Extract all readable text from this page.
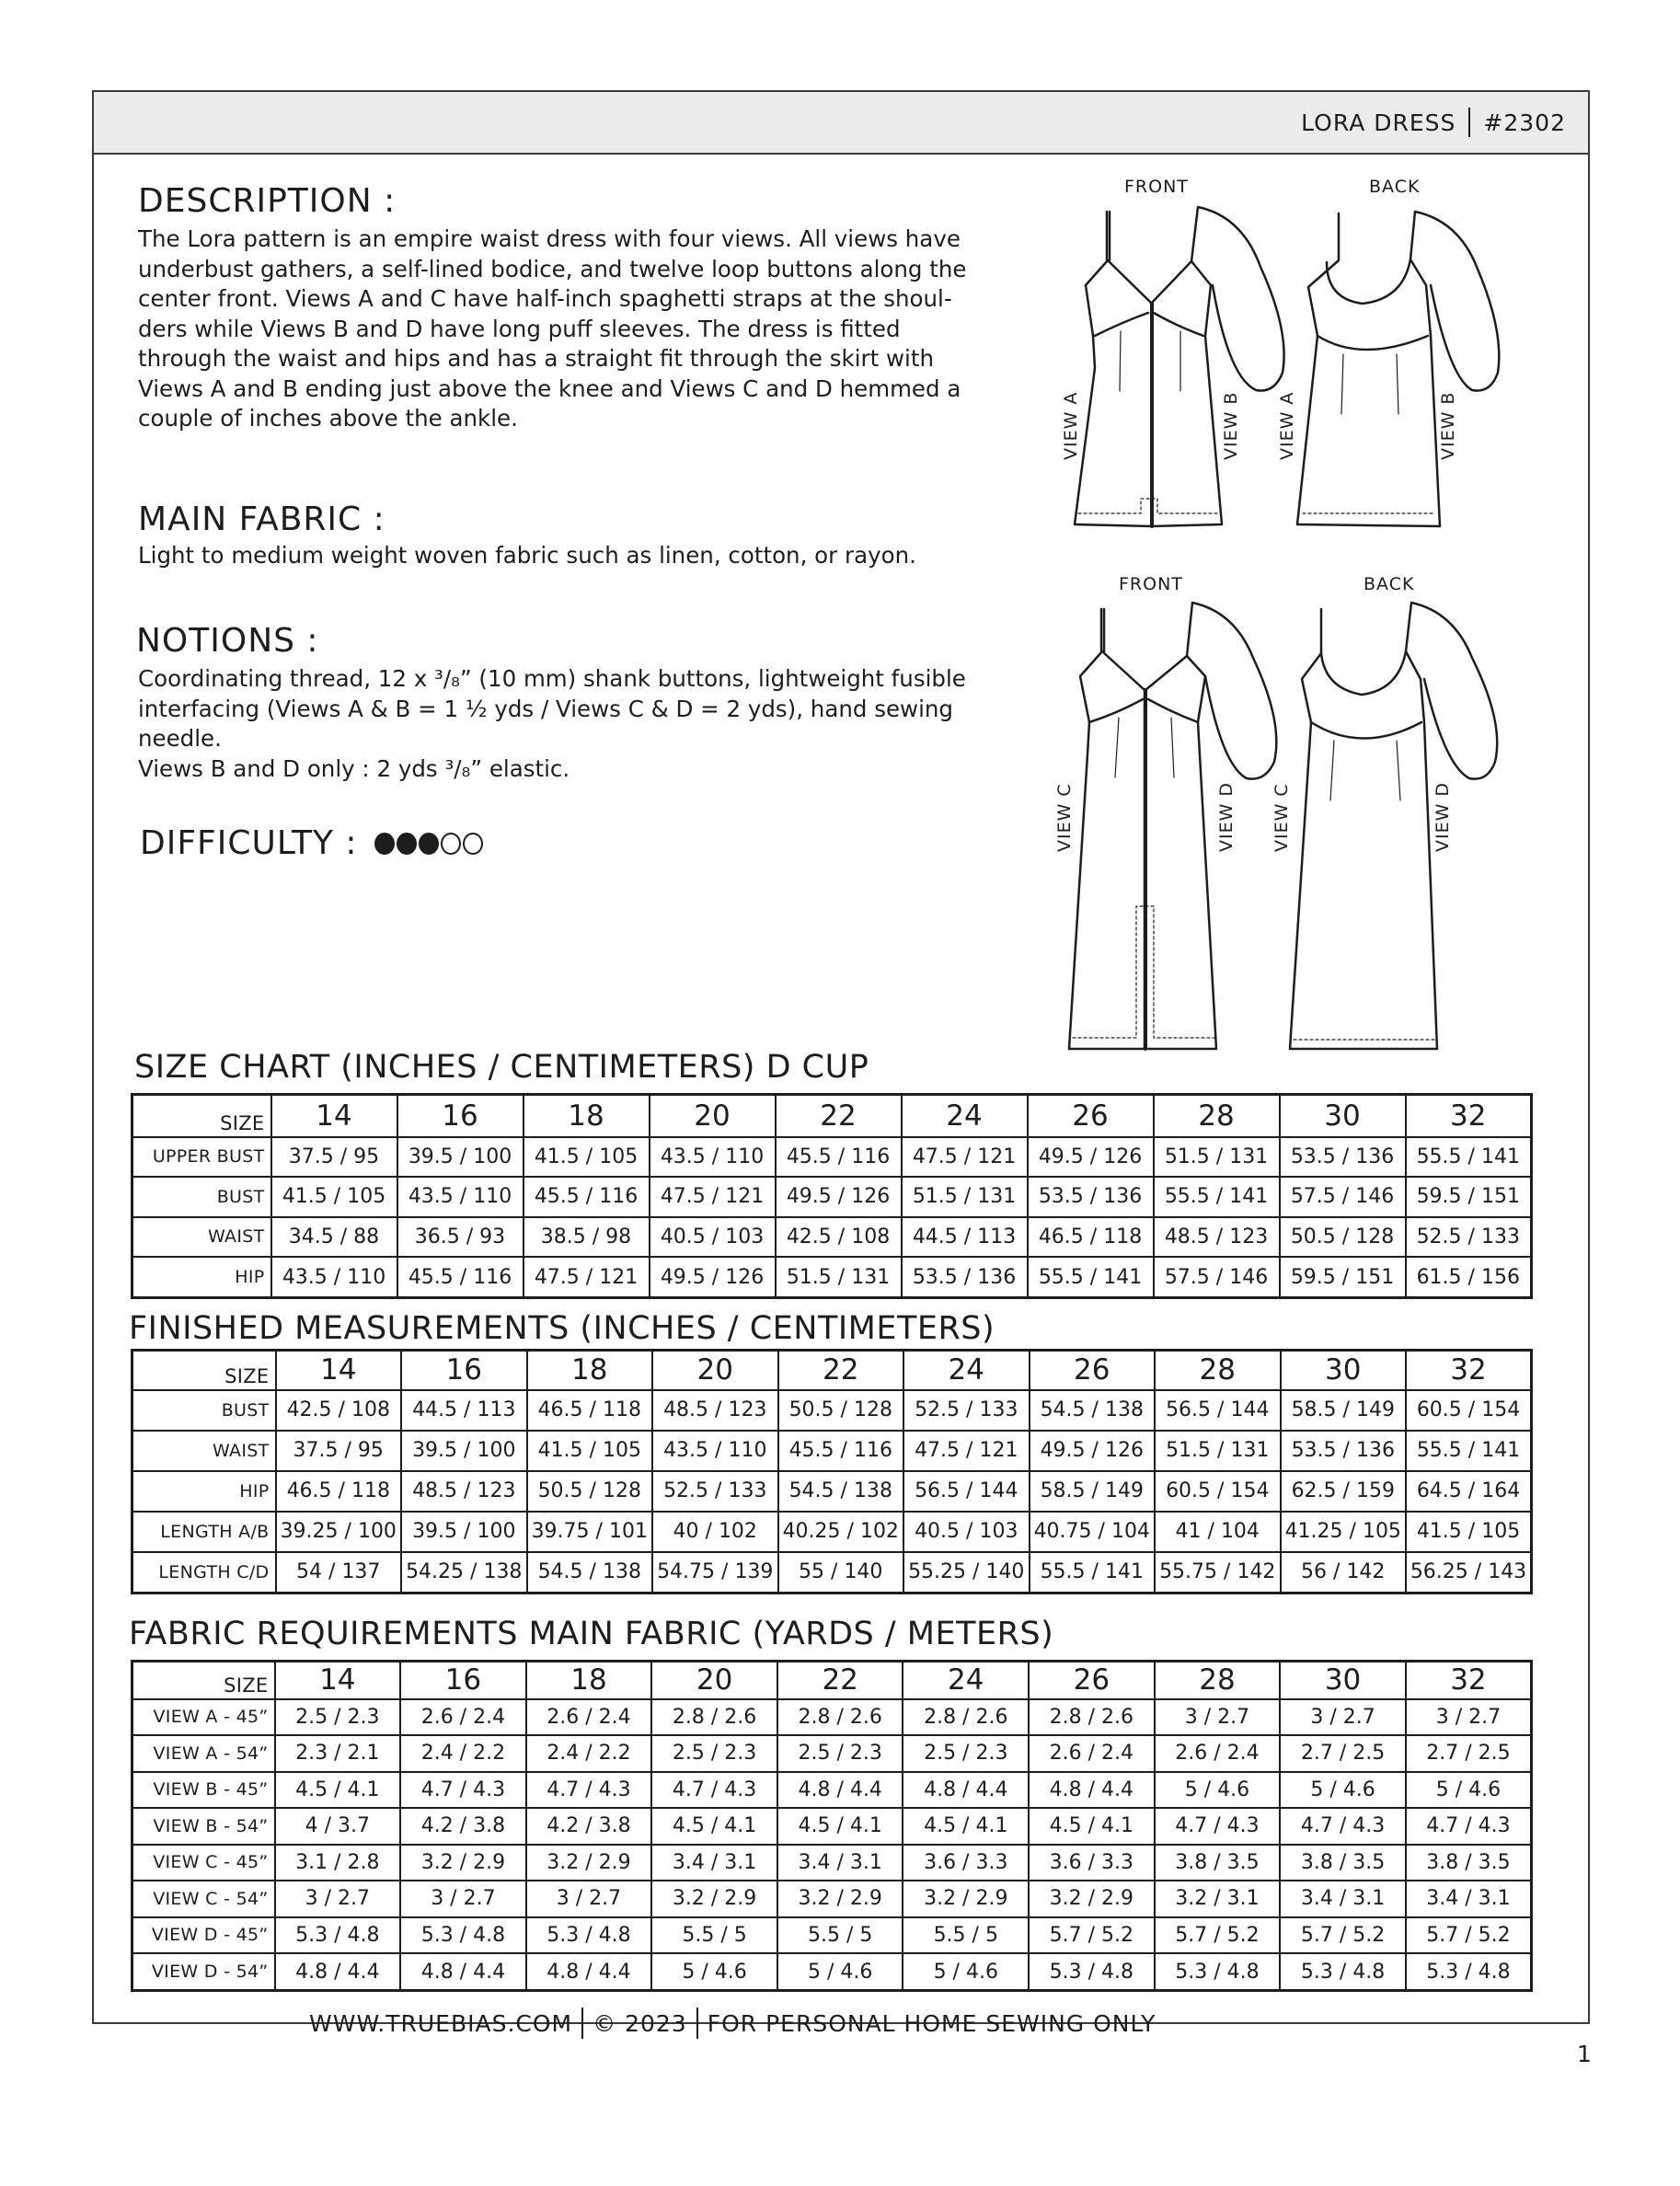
LORA DRESS #2302
DESCRIPTION :
The Lora pattern is an empire waist dress with four views. All views have
underbust gathers, a self-lined bodice, and twelve loop buttons along the
center front. Views A and C have half-inch spaghetti straps at the shoul-
ders while Views B and D have long puff sleeves. The dress is fitted
through the waist and hips and has a straight fit through the skirt with
Views A and B ending just above the knee and Views C and D hemmed a
couple of inches above the ankle.
MAIN FABRIC :
Light to medium weight woven fabric such as linen, cotton, or rayon.
NOTIONS :
Coordinating thread, 12 x ³/₈” (10 mm) shank buttons, lightweight fusible
interfacing (Views A & B = 1 ½ yds / Views C & D = 2 yds), hand sewing
needle.
Views B and D only : 2 yds ³/₈” elastic.
DIFFICULTY :
FRONT	BACK
VIEW A	VIEW B VIEW A	VIEW B
FRONT	BACK
VIEW C	VIEW D VIEW C	VIEW D
SIZE CHART (INCHES / CENTIMETERS) D CUP
SIZE	14	16	18	20	22	24	26	28	30	32
UPPER BUST	37.5 / 95	39.5 / 100	41.5 / 105	43.5 / 110	45.5 / 116	47.5 / 121	49.5 / 126	51.5 / 131	53.5 / 136	55.5 / 141
BUST	41.5 / 105	43.5 / 110	45.5 / 116	47.5 / 121	49.5 / 126	51.5 / 131	53.5 / 136	55.5 / 141	57.5 / 146	59.5 / 151
WAIST	34.5 / 88	36.5 / 93	38.5 / 98	40.5 / 103	42.5 / 108	44.5 / 113	46.5 / 118	48.5 / 123	50.5 / 128	52.5 / 133
HIP	43.5 / 110	45.5 / 116	47.5 / 121	49.5 / 126	51.5 / 131	53.5 / 136	55.5 / 141	57.5 / 146	59.5 / 151	61.5 / 156
FINISHED MEASUREMENTS (INCHES / CENTIMETERS)
SIZE	14	16	18	20	22	24	26	28	30	32
BUST	42.5 / 108	44.5 / 113	46.5 / 118	48.5 / 123	50.5 / 128	52.5 / 133	54.5 / 138	56.5 / 144	58.5 / 149	60.5 / 154
WAIST	37.5 / 95	39.5 / 100	41.5 / 105	43.5 / 110	45.5 / 116	47.5 / 121	49.5 / 126	51.5 / 131	53.5 / 136	55.5 / 141
HIP	46.5 / 118	48.5 / 123	50.5 / 128	52.5 / 133	54.5 / 138	56.5 / 144	58.5 / 149	60.5 / 154	62.5 / 159	64.5 / 164
LENGTH A/B	39.25 / 100	39.5 / 100	39.75 / 101	40 / 102	40.25 / 102	40.5 / 103	40.75 / 104	41 / 104	41.25 / 105	41.5 / 105
LENGTH C/D	54 / 137	54.25 / 138	54.5 / 138	54.75 / 139	55 / 140	55.25 / 140	55.5 / 141	55.75 / 142	56 / 142	56.25 / 143
FABRIC REQUIREMENTS MAIN FABRIC (YARDS / METERS)
SIZE	14	16	18	20	22	24	26	28	30	32
VIEW A - 45”	2.5 / 2.3	2.6 / 2.4	2.6 / 2.4	2.8 / 2.6	2.8 / 2.6	2.8 / 2.6	2.8 / 2.6	3 / 2.7	3 / 2.7	3 / 2.7
VIEW A - 54”	2.3 / 2.1	2.4 / 2.2	2.4 / 2.2	2.5 / 2.3	2.5 / 2.3	2.5 / 2.3	2.6 / 2.4	2.6 / 2.4	2.7 / 2.5	2.7 / 2.5
VIEW B - 45”	4.5 / 4.1	4.7 / 4.3	4.7 / 4.3	4.7 / 4.3	4.8 / 4.4	4.8 / 4.4	4.8 / 4.4	5 / 4.6	5 / 4.6	5 / 4.6
VIEW B - 54”	4 / 3.7	4.2 / 3.8	4.2 / 3.8	4.5 / 4.1	4.5 / 4.1	4.5 / 4.1	4.5 / 4.1	4.7 / 4.3	4.7 / 4.3	4.7 / 4.3
VIEW C - 45”	3.1 / 2.8	3.2 / 2.9	3.2 / 2.9	3.4 / 3.1	3.4 / 3.1	3.6 / 3.3	3.6 / 3.3	3.8 / 3.5	3.8 / 3.5	3.8 / 3.5
VIEW C - 54”	3 / 2.7	3 / 2.7	3 / 2.7	3.2 / 2.9	3.2 / 2.9	3.2 / 2.9	3.2 / 2.9	3.2 / 3.1	3.4 / 3.1	3.4 / 3.1
VIEW D - 45”	5.3 / 4.8	5.3 / 4.8	5.3 / 4.8	5.5 / 5	5.5 / 5	5.5 / 5	5.7 / 5.2	5.7 / 5.2	5.7 / 5.2	5.7 / 5.2
VIEW D - 54”	4.8 / 4.4	4.8 / 4.4	4.8 / 4.4	5 / 4.6	5 / 4.6	5 / 4.6	5.3 / 4.8	5.3 / 4.8	5.3 / 4.8	5.3 / 4.8
WWW.TRUEBIAS.COM © 2023 FOR PERSONAL HOME SEWING ONLY
1
